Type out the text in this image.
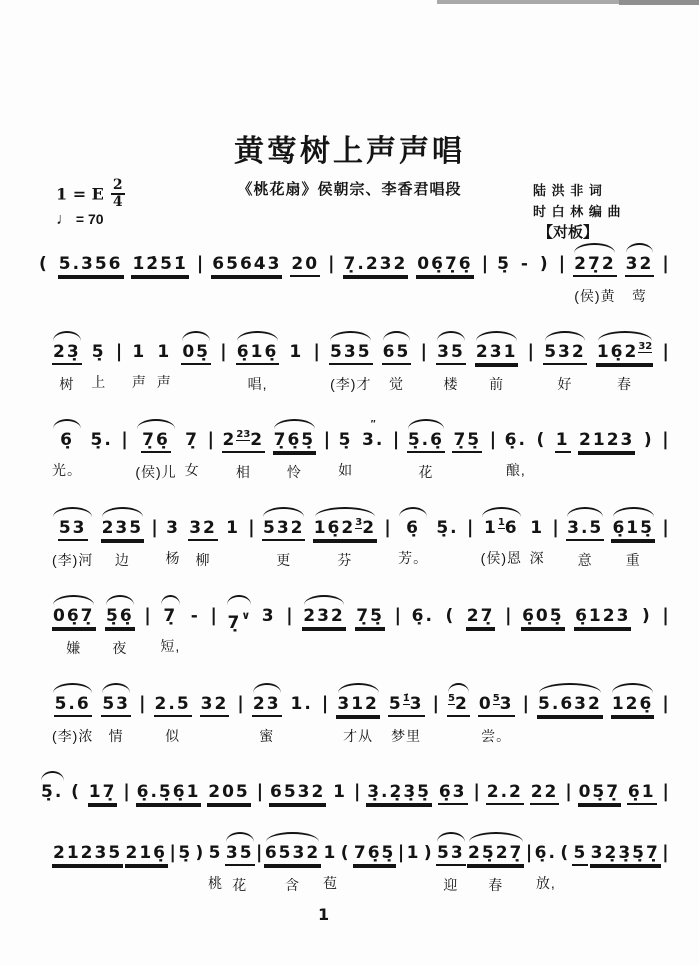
黄莺树上声声唱
《桃花扇》侯朝宗、李香君唱段	陆 洪 非 词
时 白 林 编 曲
1 = E $\frac{2}{4}$
♩ = 70
【对板】
( 5.356 1̇2̇51̇ | 65643 20 | 7̣.232 06̣7̣6̣ | 5̣ - ) | 27̣2
(侯)黄
32
莺
|
23̣
树
5̣
上
| 1
声
1
声
05̣ | 6̣16̣
唱,
1 | 535
(李)才
65
觉
| 35
楼
231
前
| 532
好
$16̣2^{32}$
春
|
6̣
光。
5̣. | 7̣6̣
(侯)儿
7̣
女
| $2^{23}2$
相
7̣6̣5̣
怜
| 5̣
如
″
3. | 5̣.6̣
花
7̣5̣ | 6̣.
酿,
( 1 2123 ) |
53
(李)河
235
边
| 3
杨
32
柳
1 | 532
更
$16̣2^32$
芬
| 6̣
芳。
5̣. | $1^16$
(侯)恩
1
深
| 3.5
意
6̣15̣
重
|
06̣7̣
嫌
5̣6̣
夜
| 7̣
短,
- | 7̣∨ 3 | 232 7̣5̣ | 6̣. ( 27̣ | 6̣05̣ 6̣123 ) |
5.6
(李)浓
53
情
| 2.5
似
32 | 23
蜜
1. | 312
才从
$5^{1̇}3$
梦里
| $^5$2 $0^53$
尝。
| 5.632 126̣ |
5̣. ( 17̣ | 6̣.5̣6̣1 205 | 6532 1 | 3̣.2̣3̣5̣ 6̣3 | 2.2 22 | 05̣7̣ 6̣1 |
21235 216̣ | 5̣ ) 5
桃
35
花
| 6532
含
1
苞
( 76̣5̣ | 1 ) 53
迎
25̣27̣
春
| 6̣.
放,
( 5 32̣3̣5̣7̣ |
1
